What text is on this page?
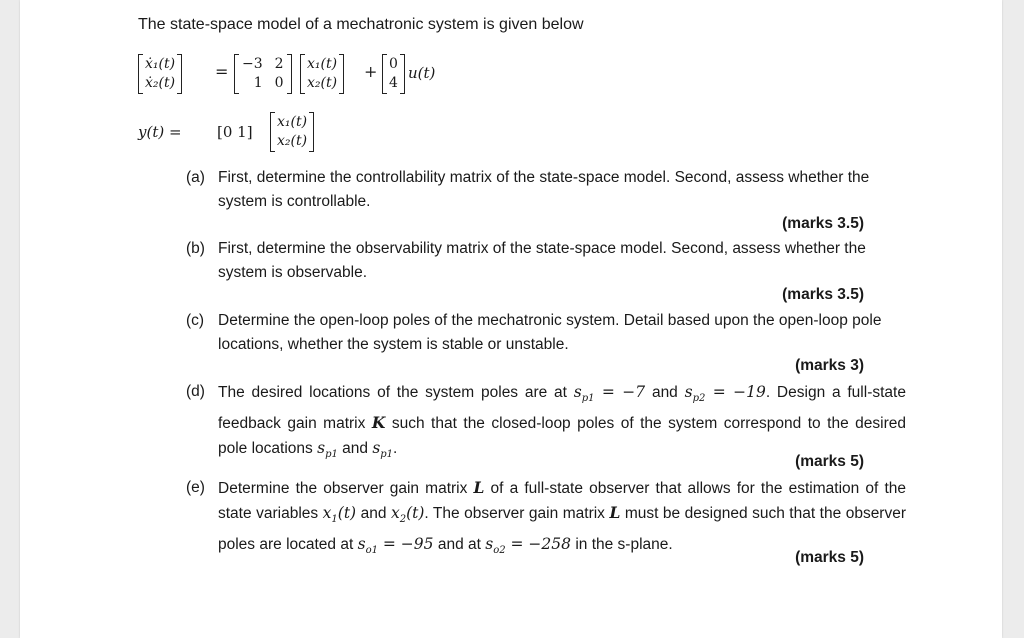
The state-space model of a mechatronic system is given below
ẋ₁(t)
ẋ₂(t)
= −3 2
1 0
x₁(t)
x₂(t)
+ 0
4
u(t)
y(t) = [0 1]
x₁(t)
x₂(t)
(a) First, determine the controllability matrix of the state-space model. Second, assess whether the system is controllable.
(marks 3.5)
(b) First, determine the observability matrix of the state-space model. Second, assess whether the system is observable.
(marks 3.5)
(c) Determine the open-loop poles of the mechatronic system. Detail based upon the open-loop pole locations, whether the system is stable or unstable.
(marks 3)
(d) The desired locations of the system poles are at $s_{p1} = -7$ and $s_{p2} = -19$. Design a full-state feedback gain matrix K such that the closed-loop poles of the system correspond to the desired pole locations $s_{p1}$ and $s_{p1}$.
(marks 5)
(e) Determine the observer gain matrix L of a full-state observer that allows for the estimation of the state variables $x_1(t)$ and $x_2(t)$. The observer gain matrix L must be designed such that the observer poles are located at $s_{o1} = -95$ and at $s_{o2} = -258$ in the s-plane.
(marks 5)
